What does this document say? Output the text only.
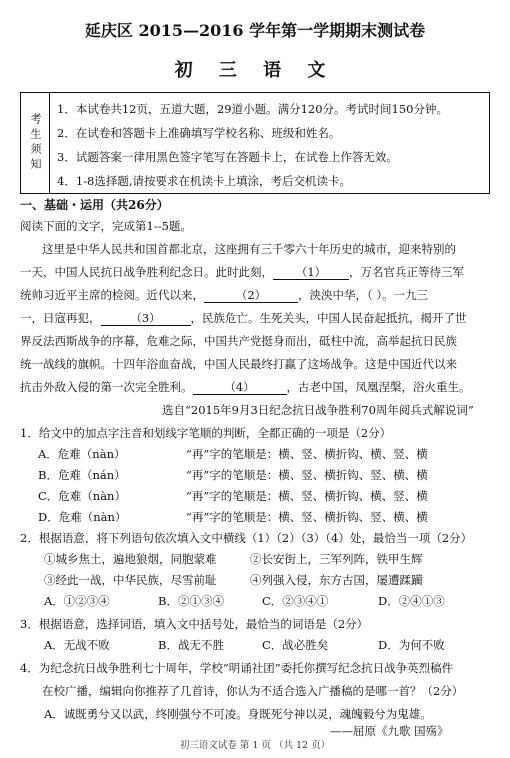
延庆区 2015—2016 学年第一学期期末测试卷
初 三 语 文
考生须知
1．本试卷共12页，五道大题，29道小题。满分120分。考试时间150分钟。
2．在试卷和答题卡上准确填写学校名称、班级和姓名。
3．试题答案一律用黑色签字笔写在答题卡上，在试卷上作答无效。
4．1-8选择题,请按要求在机读卡上填涂，考后交机读卡。
一、基础・运用（共26分）
阅读下面的文字，完成第1--5题。
这里是中华人民共和国首都北京，这座拥有三千零六十年历史的城市，迎来特别的
一天，中国人民抗日战争胜利纪念日。此时此刻， （1） ，万名官兵正等待三军
统帅习近平主席的检阅。近代以来，	（2）	，泱泱中华，（ ）。一九三
一，日寇再犯，	（3）	，民族危亡。生死关头，中国人民奋起抵抗，揭开了世
界反法西斯战争的序幕，危难之际，中国共产党挺身而出，砥柱中流，高举起抗日民族
统一战线的旗帜。十四年浴血奋战，中国人民最终打赢了这场战争。这是中国近代以来
抗击外敌入侵的第一次完全胜利。	（4）	，古老中国，凤凰涅槃，浴火重生。
选自“2015年9月3日纪念抗日战争胜利70周年阅兵式解说词”
1．给文中的加点字注音和划线字笔顺的判断，全都正确的一项是（2分）
A．危难（nàn）	“再”字的笔顺是：横、竖、横折钩、横、竖、横
B．危难（nán）	“再”字的笔顺是：横、竖、横折钩、竖、横、横
C．危难（nàn）	“再”字的笔顺是：横、竖、横折钩、横、竖、横
D．危难（nàn）	“再”字的笔顺是：横、竖、横折钩、竖、横、横
2．根据语意，将下列语句依次填入文中横线（1）（2）（3）（4）处，最恰当一项（2分）
①城乡焦土，遍地狼烟，同胞蒙难	②长安街上，三军列阵，铁甲生辉
③经此一战，中华民族，尽雪前耻	④列强入侵，东方古国，屡遭蹂躏
A．①②③④	B．②①③④	C．②③④①	D．②④①③
3．根据语意，选择词语，填入文中括号处，最恰当的词语是（2分）
A．无战不败	B．战无不胜	C．战必胜矣	D．为何不败
4．为纪念抗日战争胜利七十周年，学校“明诵社团”委托你撰写纪念抗日战争英烈稿件
在校广播，编辑向你推荐了几首诗，你认为不适合选入广播稿的是哪一首？（2分）
A．诚既勇兮又以武，终刚强兮不可凌。身既死兮神以灵，魂魄毅兮为鬼雄。
——屈原《九歌 国殇》
初三语文试卷 第 1 页 （共 12 页）
